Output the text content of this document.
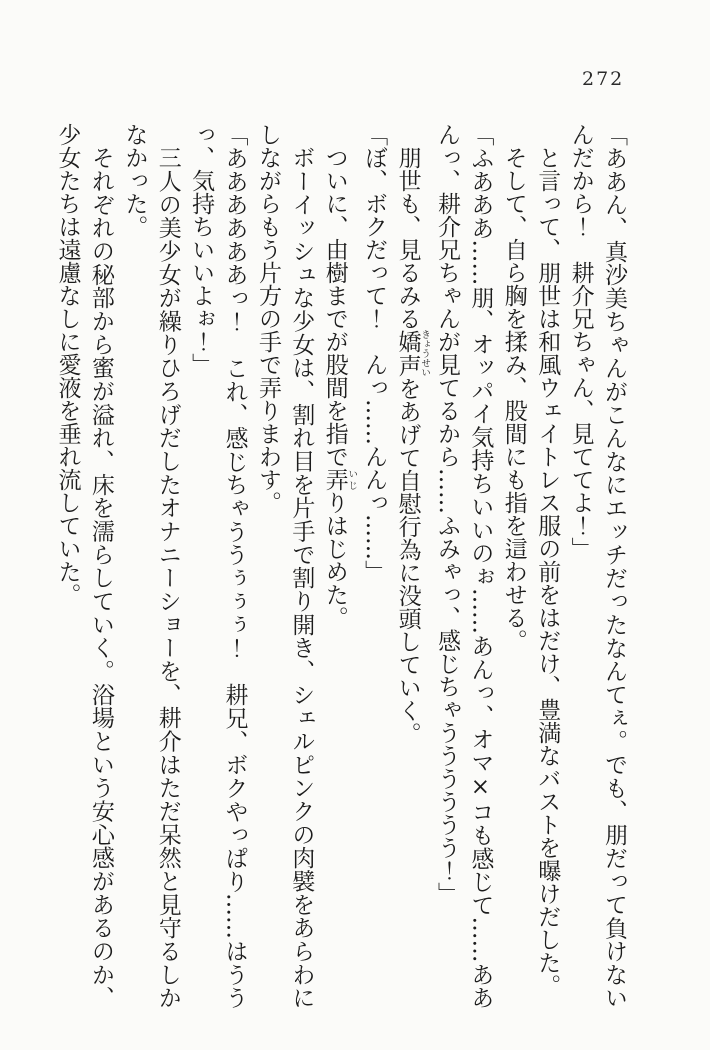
272

「ああん、真沙美ちゃんがこんなにエッチだったなんてぇ。でも、朋だって負けないんだから！　耕介兄ちゃん、見ててよ！」

と言って、朋世は和風ウェイトレス服の前をはだけ、豊満なバストを曝けだした。

そして、自ら胸を揉み、股間にも指を這わせる。

「ふあああ……朋、オッパイ気持ちいいのぉ……あんっ、オマ×コも感じて……ああんっ、耕介兄ちゃんが見てるから……ふみゃっ、感じちゃうううううう！」

朋世も、見るみる嬌声きょうせいをあげて自慰行為に没頭していく。

「ぼ、ボクだって！　んっ……んんっ……」

ついに、由樹までが股間を指で弄いじりはじめた。

ボーイッシュな少女は、割れ目を片手で割り開き、シェルピンクの肉襞をあらわにしながらもう片方の手で弄りまわす。

「ああああああっ！　これ、感じちゃううぅぅぅ！　耕兄、ボクやっぱり……はううっ、気持ちいいよぉ！」

三人の美少女が繰りひろげだしたオナニーショーを、耕介はただ呆然と見守るしかなかった。

それぞれの秘部から蜜が溢れ、床を濡らしていく。浴場という安心感があるのか、少女たちは遠慮なしに愛液を垂れ流していた。
